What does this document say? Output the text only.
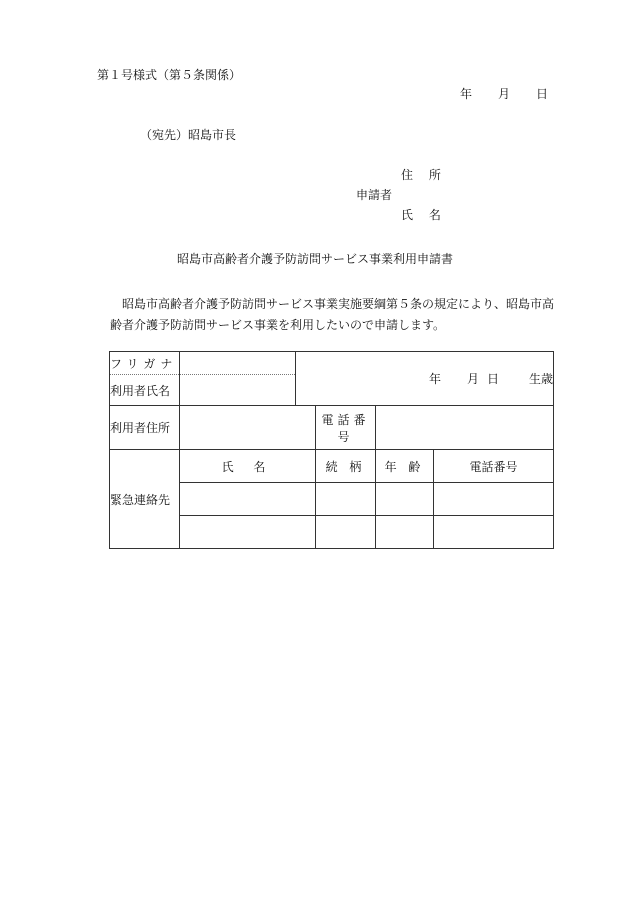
第１号様式（第５条関係）
年 月 日
（宛先）昭島市長
住 所
申請者
氏 名
昭島市高齢者介護予防訪問サービス事業利用申請書
昭島市高齢者介護予防訪問サービス事業実施要綱第５条の規定により、昭島市高齢者介護予防訪問サービス事業を利用したいので申請します。
フリガナ		年 月 日 生歳			
利用者氏名					
利用者住所			電話番号		
緊急連絡先	氏 名		続 柄	年 齢	電話番号
